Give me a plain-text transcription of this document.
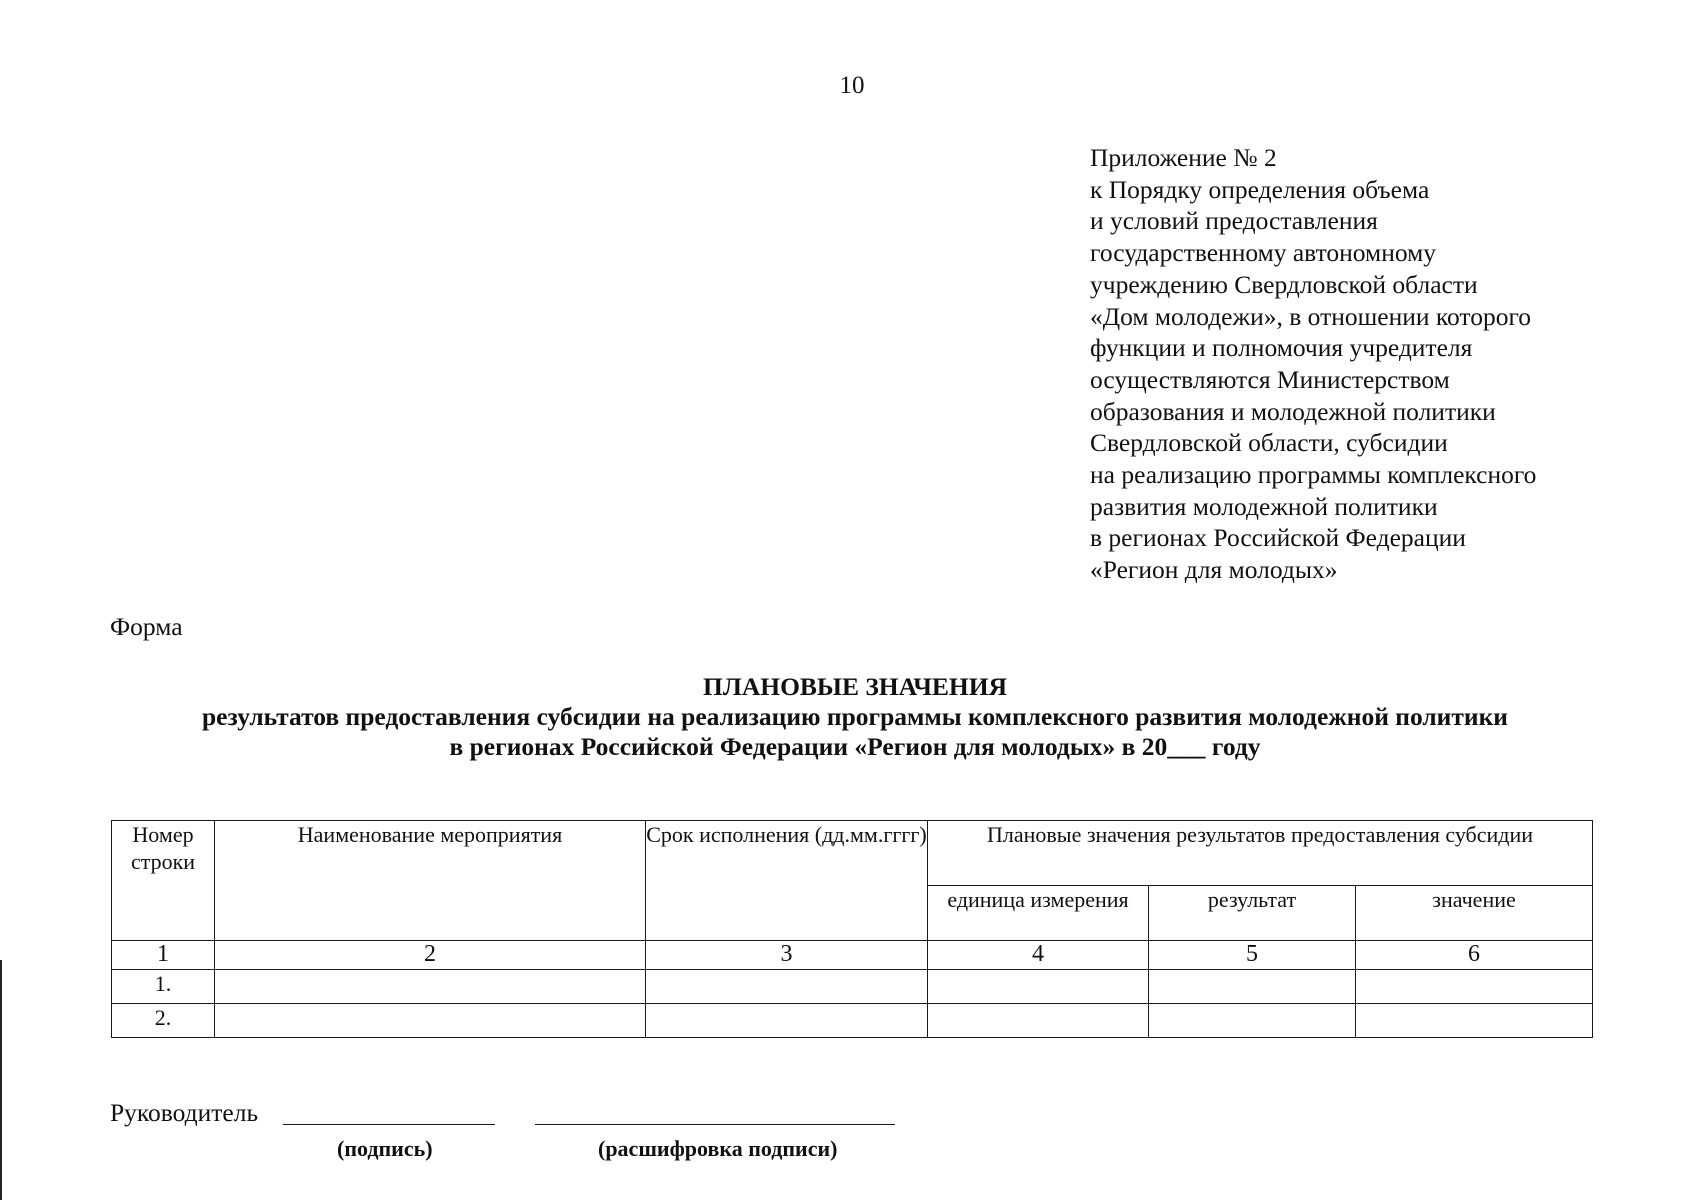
10
Приложение № 2
к Порядку определения объема
и условий предоставления
государственному автономному
учреждению Свердловской области
«Дом молодежи», в отношении которого
функции и полномочия учредителя
осуществляются Министерством
образования и молодежной политики
Свердловской области, субсидии
на реализацию программы комплексного
развития молодежной политики
в регионах Российской Федерации
«Регион для молодых»
Форма
ПЛАНОВЫЕ ЗНАЧЕНИЯ
результатов предоставления субсидии на реализацию программы комплексного развития молодежной политики
в регионах Российской Федерации «Регион для молодых» в 20___ году
Номер строки	Наименование мероприятия	Срок исполнения (дд.мм.гггг)	Плановые значения результатов предоставления субсидии		
			единица измерения	результат	значение
1	2	3	4	5	6
1.					
2.					
Руководитель
(подпись)	(расшифровка подписи)
